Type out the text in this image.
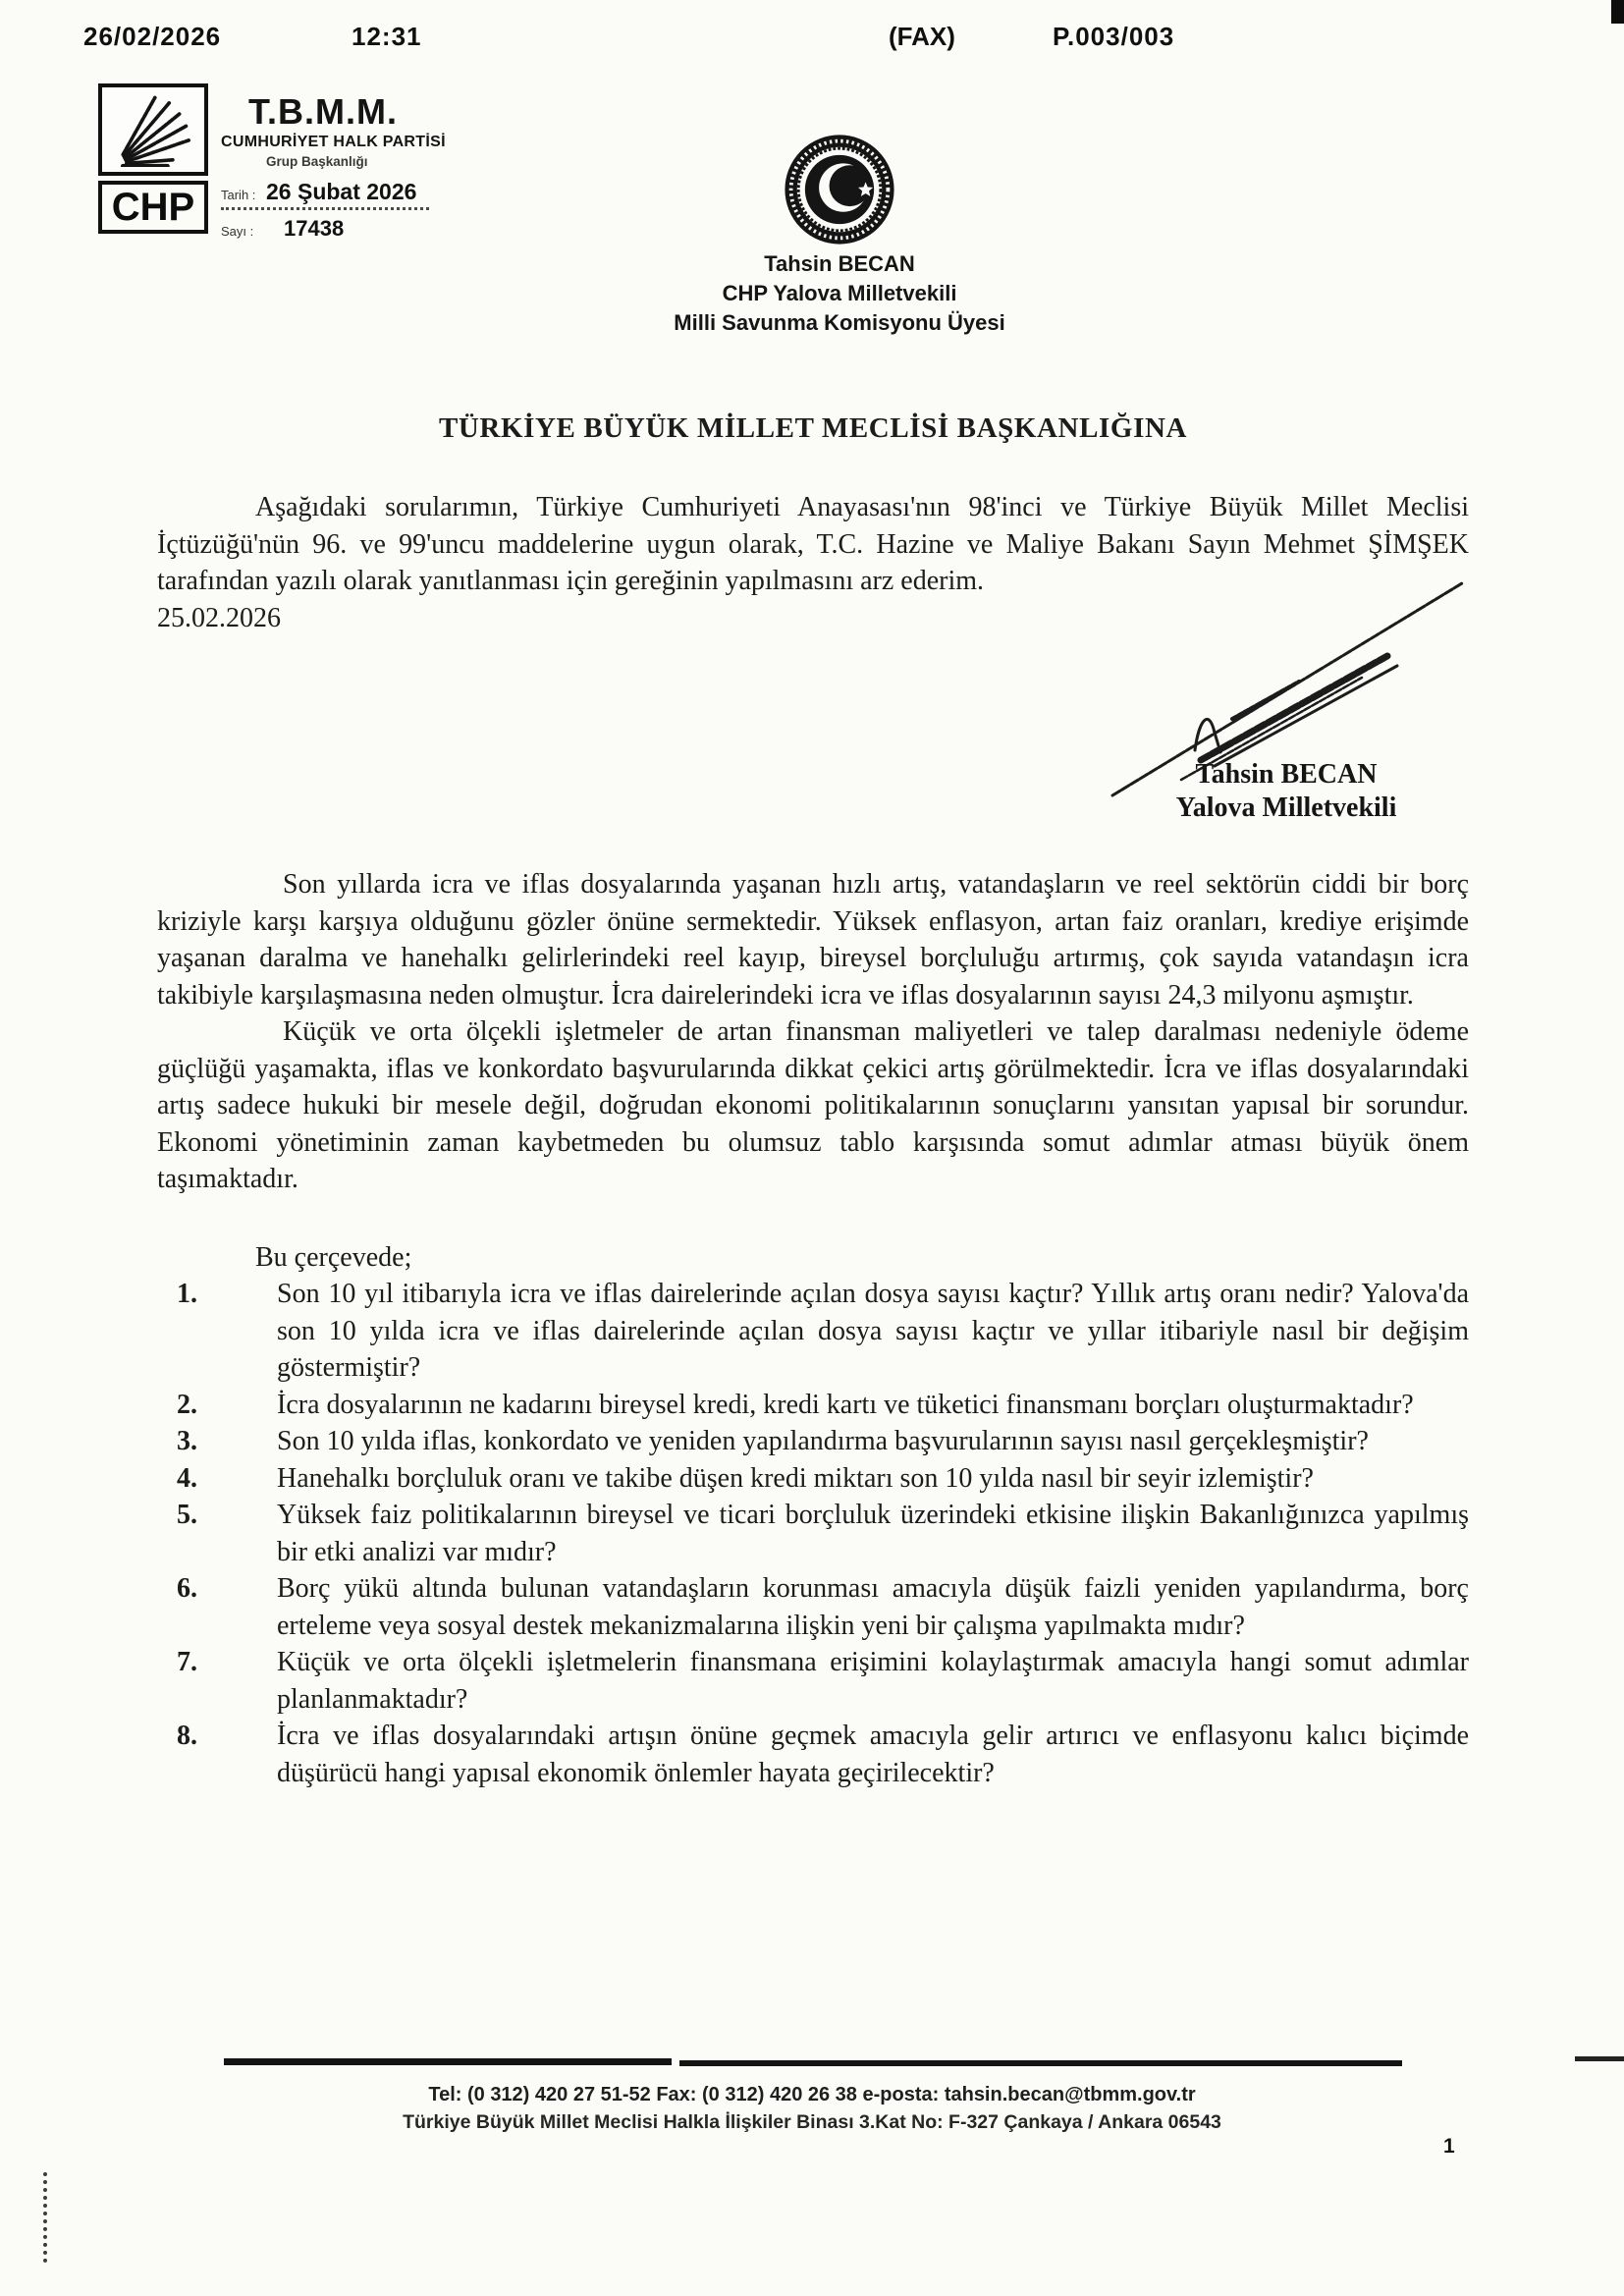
26/02/2026	12:31	(FAX)	P.003/003
CHP
T.B.M.M.
CUMHURİYET HALK PARTİSİ
Grup Başkanlığı
Tarih : 26 Şubat 2026
Sayı :	17438
Tahsin BECAN
CHP Yalova Milletvekili
Milli Savunma Komisyonu Üyesi
TÜRKİYE BÜYÜK MİLLET MECLİSİ BAŞKANLIĞINA

Aşağıdaki sorularımın, Türkiye Cumhuriyeti Anayasası'nın 98'inci ve Türkiye Büyük Millet Meclisi İçtüzüğü'nün 96. ve 99'uncu maddelerine uygun olarak, T.C. Hazine ve Maliye Bakanı Sayın Mehmet ŞİMŞEK tarafından yazılı olarak yanıtlanması için gereğinin yapılmasını arz ederim.

25.02.2026

Son yıllarda icra ve iflas dosyalarında yaşanan hızlı artış, vatandaşların ve reel sektörün ciddi bir borç kriziyle karşı karşıya olduğunu gözler önüne sermektedir. Yüksek enflasyon, artan faiz oranları, krediye erişimde yaşanan daralma ve hanehalkı gelirlerindeki reel kayıp, bireysel borçluluğu artırmış, çok sayıda vatandaşın icra takibiyle karşılaşmasına neden olmuştur. İcra dairelerindeki icra ve iflas dosyalarının sayısı 24,3 milyonu aşmıştır.

Küçük ve orta ölçekli işletmeler de artan finansman maliyetleri ve talep daralması nedeniyle ödeme güçlüğü yaşamakta, iflas ve konkordato başvurularında dikkat çekici artış görülmektedir. İcra ve iflas dosyalarındaki artış sadece hukuki bir mesele değil, doğrudan ekonomi politikalarının sonuçlarını yansıtan yapısal bir sorundur. Ekonomi yönetiminin zaman kaybetmeden bu olumsuz tablo karşısında somut adımlar atması büyük önem taşımaktadır.

Bu çerçevede;

1.	Son 10 yıl itibarıyla icra ve iflas dairelerinde açılan dosya sayısı kaçtır? Yıllık artış oranı nedir? Yalova'da son 10 yılda icra ve iflas dairelerinde açılan dosya sayısı kaçtır ve yıllar itibariyle nasıl bir değişim göstermiştir?
2.	İcra dosyalarının ne kadarını bireysel kredi, kredi kartı ve tüketici finansmanı borçları oluşturmaktadır?
3.	Son 10 yılda iflas, konkordato ve yeniden yapılandırma başvurularının sayısı nasıl gerçekleşmiştir?
4.	Hanehalkı borçluluk oranı ve takibe düşen kredi miktarı son 10 yılda nasıl bir seyir izlemiştir?
5.	Yüksek faiz politikalarının bireysel ve ticari borçluluk üzerindeki etkisine ilişkin Bakanlığınızca yapılmış bir etki analizi var mıdır?
6.	Borç yükü altında bulunan vatandaşların korunması amacıyla düşük faizli yeniden yapılandırma, borç erteleme veya sosyal destek mekanizmalarına ilişkin yeni bir çalışma yapılmakta mıdır?
7.	Küçük ve orta ölçekli işletmelerin finansmana erişimini kolaylaştırmak amacıyla hangi somut adımlar planlanmaktadır?
8.	İcra ve iflas dosyalarındaki artışın önüne geçmek amacıyla gelir artırıcı ve enflasyonu kalıcı biçimde düşürücü hangi yapısal ekonomik önlemler hayata geçirilecektir?
Tahsin BECAN
Yalova Milletvekili
Tel: (0 312) 420 27 51-52 Fax: (0 312) 420 26 38 e-posta: tahsin.becan@tbmm.gov.tr
Türkiye Büyük Millet Meclisi Halkla İlişkiler Binası 3.Kat No: F-327 Çankaya / Ankara 06543
1
